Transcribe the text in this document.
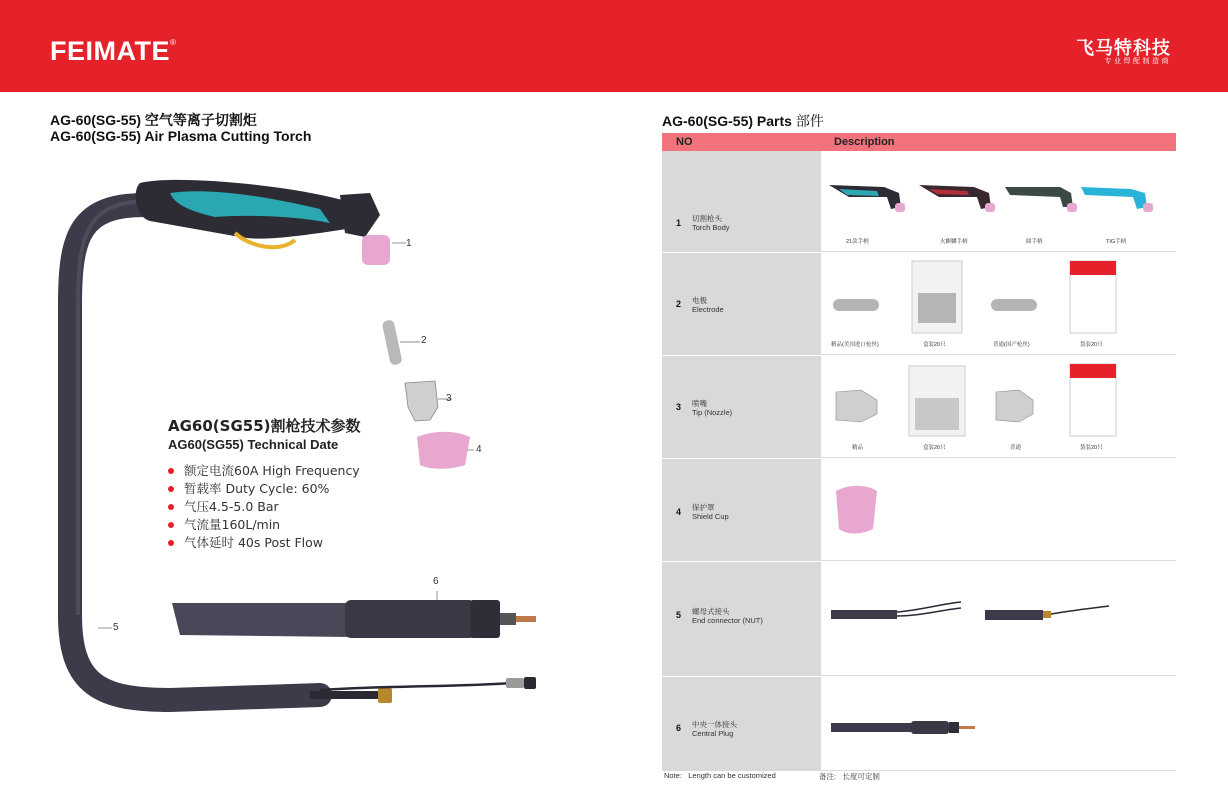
FEIMATE®	飞马特科技
专业焊配制造商
AG-60(SG-55) 空气等离子切割炬
AG-60(SG-55) Air Plasma Cutting Torch
1
2
3
4
5
6
AG60(SG55)割枪技术参数
AG60(SG55) Technical Date
额定电流60A High Frequency
暂载率 Duty Cycle: 60%
气压4.5-5.0 Bar
气流量160L/min
气体延时 40s Post Flow
AG-60(SG-55) Parts 部件
NO	Description
1 切割枪头
Torch Body
21款手柄	火麒麟手柄	圆手柄	TIG手柄
2 电极
Electrode
精品(美国进口枪丝)	盒装20只	普通(国产枪丝)	袋装20只
3 喷嘴
Tip (Nozzle)
精品	盒装20只	普通	袋装20只
4 保护罩
Shield Cup
5 螺母式接头
End connector (NUT)
6 中央一体接头
Central Plug
Note: Length can be customized	备注: 长度可定制
